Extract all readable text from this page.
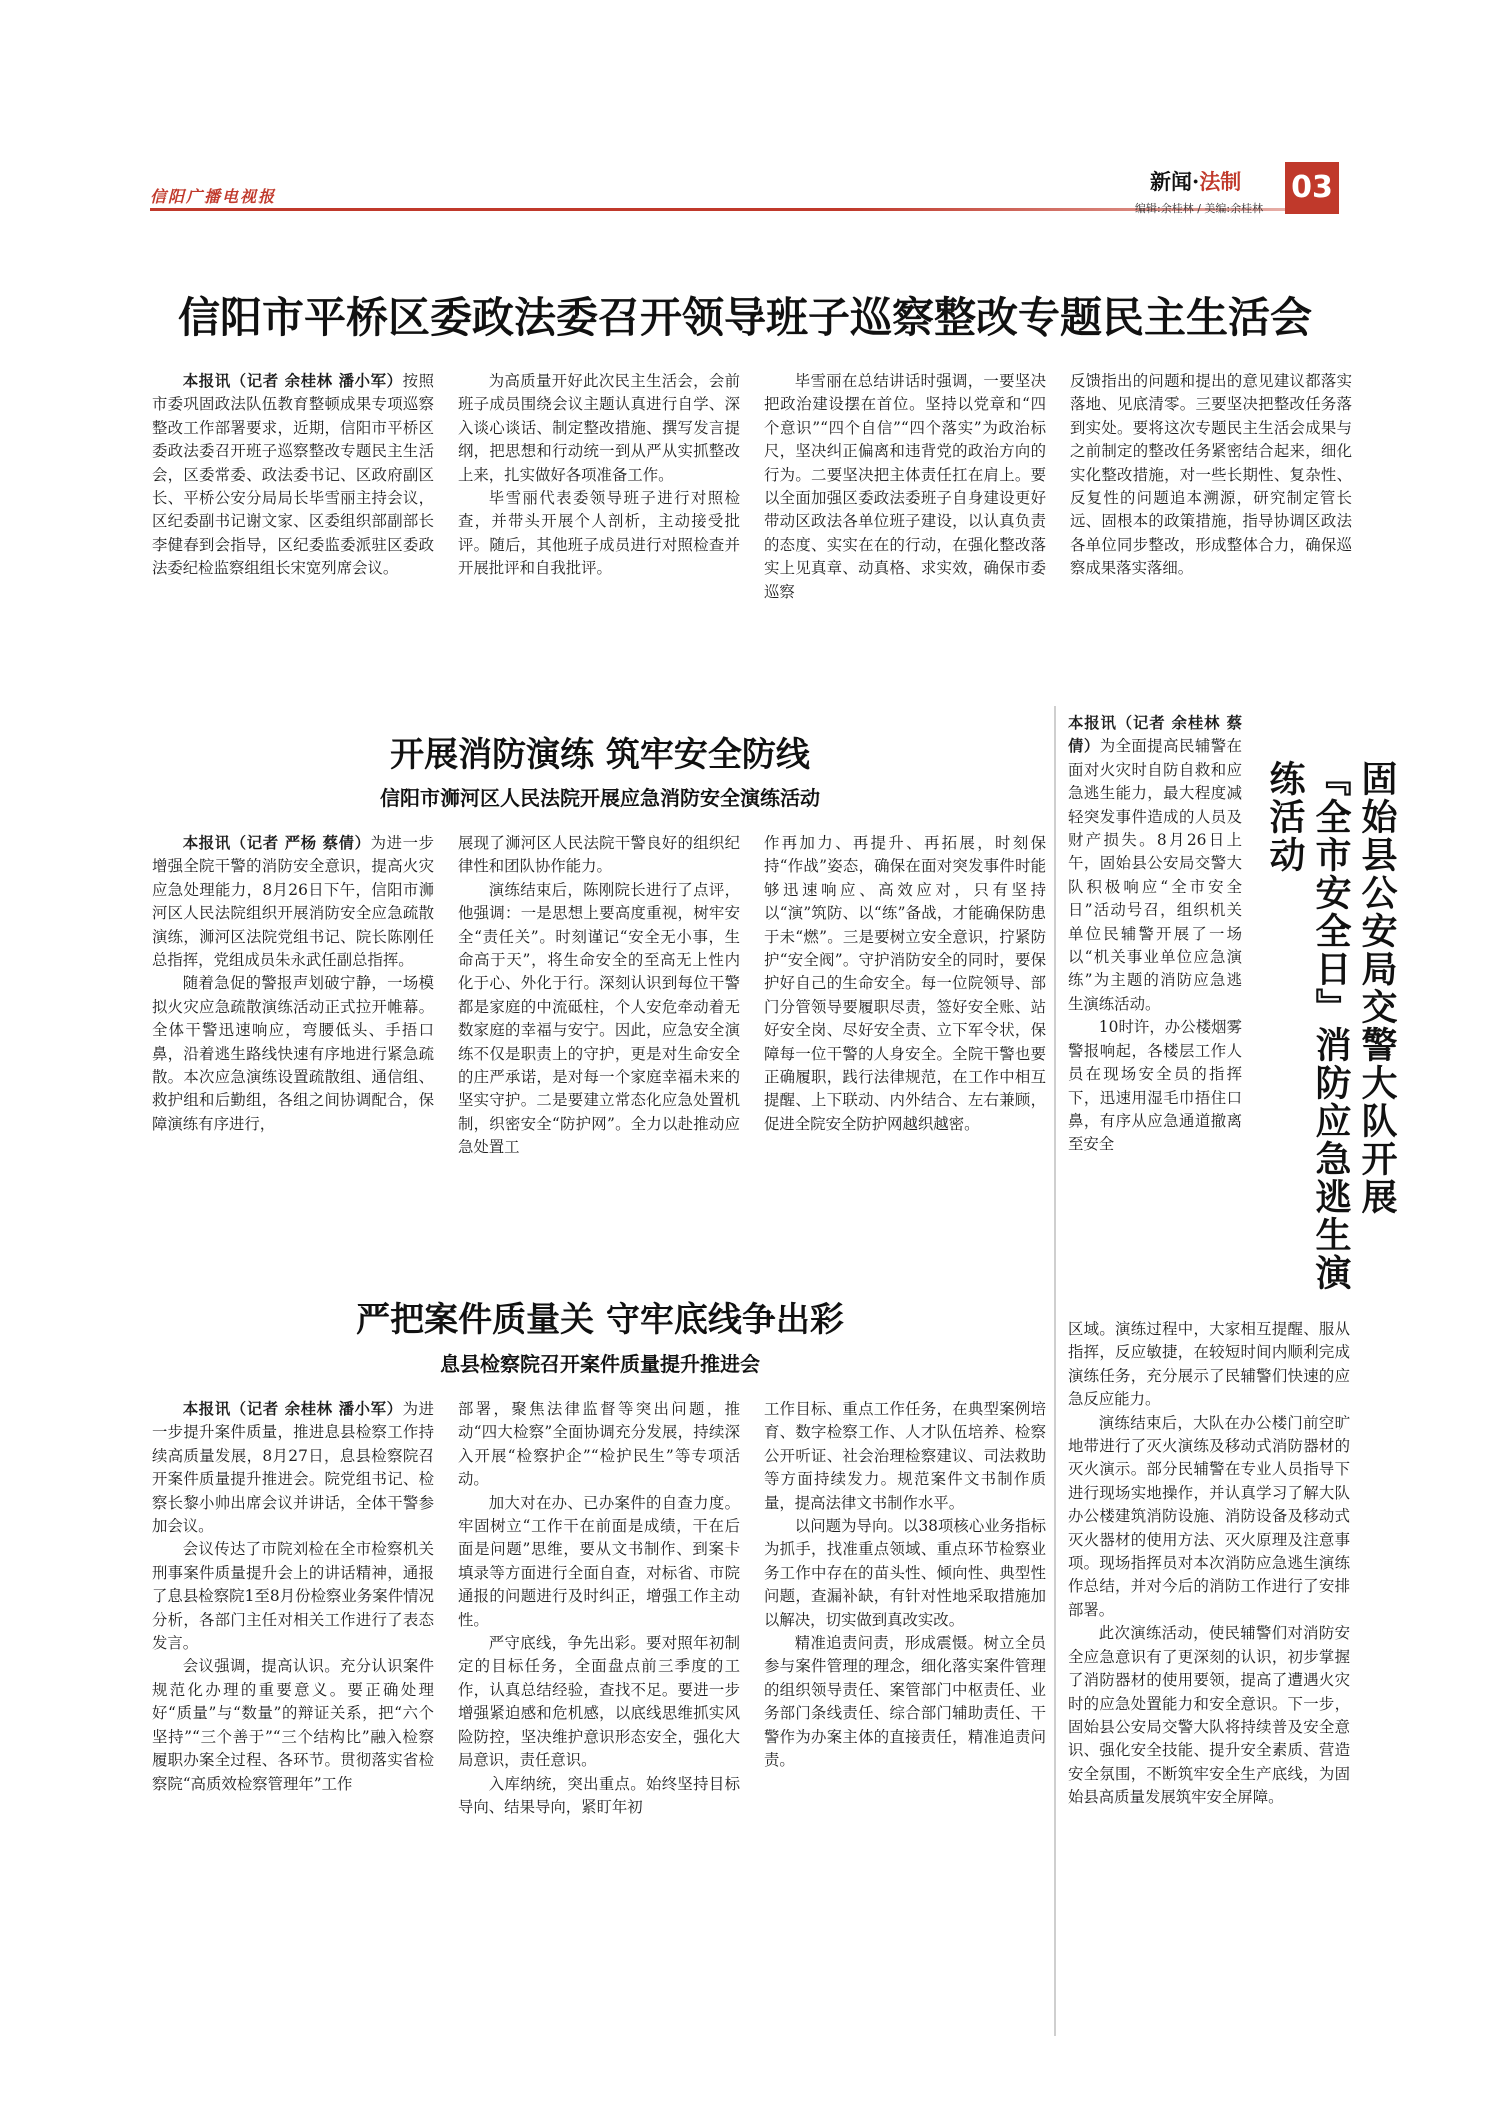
信阳广播电视报
新闻·法制
编辑:余桂林 / 美编:余桂林
03
信阳市平桥区委政法委召开领导班子巡察整改专题民主生活会

本报讯（记者 余桂林 潘小军）按照市委巩固政法队伍教育整顿成果专项巡察整改工作部署要求，近期，信阳市平桥区委政法委召开班子巡察整改专题民主生活会，区委常委、政法委书记、区政府副区长、平桥公安分局局长毕雪丽主持会议，区纪委副书记谢文家、区委组织部副部长李健春到会指导，区纪委监委派驻区委政法委纪检监察组组长宋宽列席会议。

为高质量开好此次民主生活会，会前班子成员围绕会议主题认真进行自学、深入谈心谈话、制定整改措施、撰写发言提纲，把思想和行动统一到从严从实抓整改上来，扎实做好各项准备工作。

毕雪丽代表委领导班子进行对照检查，并带头开展个人剖析，主动接受批评。随后，其他班子成员进行对照检查并开展批评和自我批评。

毕雪丽在总结讲话时强调，一要坚决把政治建设摆在首位。坚持以党章和“四个意识”“四个自信”“四个落实”为政治标尺，坚决纠正偏离和违背党的政治方向的行为。二要坚决把主体责任扛在肩上。要以全面加强区委政法委班子自身建设更好带动区政法各单位班子建设，以认真负责的态度、实实在在的行动，在强化整改落实上见真章、动真格、求实效，确保市委巡察

反馈指出的问题和提出的意见建议都落实落地、见底清零。三要坚决把整改任务落到实处。要将这次专题民主生活会成果与之前制定的整改任务紧密结合起来，细化实化整改措施，对一些长期性、复杂性、反复性的问题追本溯源，研究制定管长远、固根本的政策措施，指导协调区政法各单位同步整改，形成整体合力，确保巡察成果落实落细。

开展消防演练 筑牢安全防线
信阳市浉河区人民法院开展应急消防安全演练活动

本报讯（记者 严杨 蔡倩）为进一步增强全院干警的消防安全意识，提高火灾应急处理能力，8月26日下午，信阳市浉河区人民法院组织开展消防安全应急疏散演练，浉河区法院党组书记、院长陈刚任总指挥，党组成员朱永武任副总指挥。

随着急促的警报声划破宁静，一场模拟火灾应急疏散演练活动正式拉开帷幕。全体干警迅速响应，弯腰低头、手捂口鼻，沿着逃生路线快速有序地进行紧急疏散。本次应急演练设置疏散组、通信组、救护组和后勤组，各组之间协调配合，保障演练有序进行，

展现了浉河区人民法院干警良好的组织纪律性和团队协作能力。

演练结束后，陈刚院长进行了点评，他强调：一是思想上要高度重视，树牢安全“责任关”。时刻谨记“安全无小事，生命高于天”，将生命安全的至高无上性内化于心、外化于行。深刻认识到每位干警都是家庭的中流砥柱，个人安危牵动着无数家庭的幸福与安宁。因此，应急安全演练不仅是职责上的守护，更是对生命安全的庄严承诺，是对每一个家庭幸福未来的坚实守护。二是要建立常态化应急处置机制，织密安全“防护网”。全力以赴推动应急处置工

作再加力、再提升、再拓展，时刻保持“作战”姿态，确保在面对突发事件时能够迅速响应、高效应对，只有坚持以“演”筑防、以“练”备战，才能确保防患于未“燃”。三是要树立安全意识，拧紧防护“安全阀”。守护消防安全的同时，要保护好自己的生命安全。每一位院领导、部门分管领导要履职尽责，签好安全账、站好安全岗、尽好安全责、立下军令状，保障每一位干警的人身安全。全院干警也要正确履职，践行法律规范，在工作中相互提醒、上下联动、内外结合、左右兼顾，促进全院安全防护网越织越密。

严把案件质量关 守牢底线争出彩
息县检察院召开案件质量提升推进会

本报讯（记者 余桂林 潘小军）为进一步提升案件质量，推进息县检察工作持续高质量发展，8月27日，息县检察院召开案件质量提升推进会。院党组书记、检察长黎小帅出席会议并讲话，全体干警参加会议。

会议传达了市院刘检在全市检察机关刑事案件质量提升会上的讲话精神，通报了息县检察院1至8月份检察业务案件情况分析，各部门主任对相关工作进行了表态发言。

会议强调，提高认识。充分认识案件规范化办理的重要意义。要正确处理好“质量”与“数量”的辩证关系，把“六个坚持”“三个善于”“三个结构比”融入检察履职办案全过程、各环节。贯彻落实省检察院“高质效检察管理年”工作

部署，聚焦法律监督等突出问题，推动“四大检察”全面协调充分发展，持续深入开展“检察护企”“检护民生”等专项活动。

加大对在办、已办案件的自查力度。牢固树立“工作干在前面是成绩，干在后面是问题”思维，要从文书制作、到案卡填录等方面进行全面自查，对标省、市院通报的问题进行及时纠正，增强工作主动性。

严守底线，争先出彩。要对照年初制定的目标任务，全面盘点前三季度的工作，认真总结经验，查找不足。要进一步增强紧迫感和危机感，以底线思维抓实风险防控，坚决维护意识形态安全，强化大局意识，责任意识。

入库纳统，突出重点。始终坚持目标导向、结果导向，紧盯年初

工作目标、重点工作任务，在典型案例培育、数字检察工作、人才队伍培养、检察公开听证、社会治理检察建议、司法救助等方面持续发力。规范案件文书制作质量，提高法律文书制作水平。

以问题为导向。以38项核心业务指标为抓手，找准重点领域、重点环节检察业务工作中存在的苗头性、倾向性、典型性问题，查漏补缺，有针对性地采取措施加以解决，切实做到真改实改。

精准追责问责，形成震慑。树立全员参与案件管理的理念，细化落实案件管理的组织领导责任、案管部门中枢责任、业务部门条线责任、综合部门辅助责任、干警作为办案主体的直接责任，精准追责问责。

本报讯（记者 余桂林 蔡倩）为全面提高民辅警在面对火灾时自防自救和应急逃生能力，最大程度减轻突发事件造成的人员及财产损失。8月26日上午，固始县公安局交警大队积极响应“全市安全日”活动号召，组织机关单位民辅警开展了一场以“机关事业单位应急演练”为主题的消防应急逃生演练活动。

10时许，办公楼烟雾警报响起，各楼层工作人员在现场安全员的指挥下，迅速用湿毛巾捂住口鼻，有序从应急通道撤离至安全	固始县公安局交警大队开展
『全市安全日』消防应急逃生演练活动

区域。演练过程中，大家相互提醒、服从指挥，反应敏捷，在较短时间内顺利完成演练任务，充分展示了民辅警们快速的应急反应能力。

演练结束后，大队在办公楼门前空旷地带进行了灭火演练及移动式消防器材的灭火演示。部分民辅警在专业人员指导下进行现场实地操作，并认真学习了解大队办公楼建筑消防设施、消防设备及移动式灭火器材的使用方法、灭火原理及注意事项。现场指挥员对本次消防应急逃生演练作总结，并对今后的消防工作进行了安排部署。

此次演练活动，使民辅警们对消防安全应急意识有了更深刻的认识，初步掌握了消防器材的使用要领，提高了遭遇火灾时的应急处置能力和安全意识。下一步，固始县公安局交警大队将持续普及安全意识、强化安全技能、提升安全素质、营造安全氛围，不断筑牢安全生产底线，为固始县高质量发展筑牢安全屏障。
